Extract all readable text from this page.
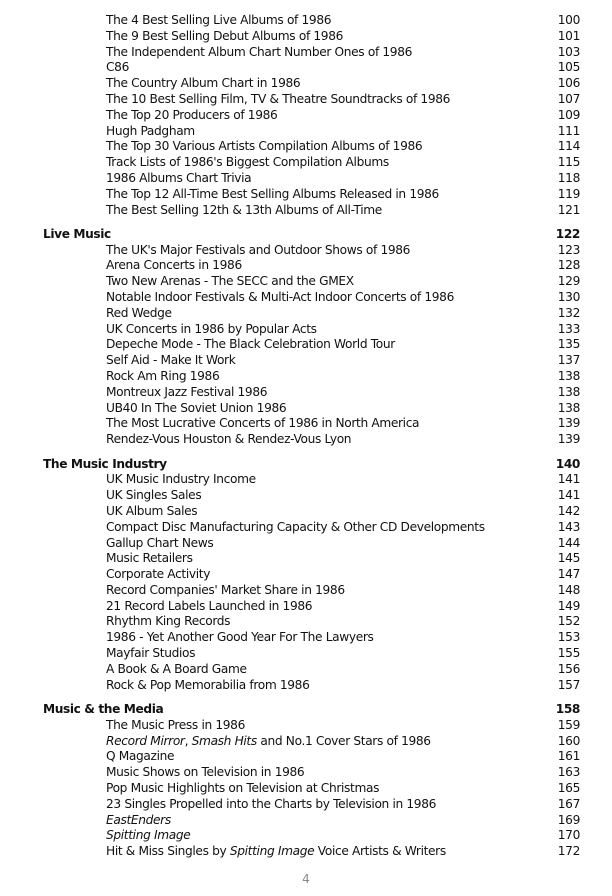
The 4 Best Selling Live Albums of 1986	100
The 9 Best Selling Debut Albums of 1986	101
The Independent Album Chart Number Ones of 1986	103
C86	105
The Country Album Chart in 1986	106
The 10 Best Selling Film, TV & Theatre Soundtracks of 1986	107
The Top 20 Producers of 1986	109
Hugh Padgham	111
The Top 30 Various Artists Compilation Albums of 1986	114
Track Lists of 1986's Biggest Compilation Albums	115
1986 Albums Chart Trivia	118
The Top 12 All-Time Best Selling Albums Released in 1986	119
The Best Selling 12th & 13th Albums of All-Time	121
Live Music	122
The UK's Major Festivals and Outdoor Shows of 1986	123
Arena Concerts in 1986	128
Two New Arenas - The SECC and the GMEX	129
Notable Indoor Festivals & Multi-Act Indoor Concerts of 1986	130
Red Wedge	132
UK Concerts in 1986 by Popular Acts	133
Depeche Mode - The Black Celebration World Tour	135
Self Aid - Make It Work	137
Rock Am Ring 1986	138
Montreux Jazz Festival 1986	138
UB40 In The Soviet Union 1986	138
The Most Lucrative Concerts of 1986 in North America	139
Rendez-Vous Houston & Rendez-Vous Lyon	139
The Music Industry	140
UK Music Industry Income	141
UK Singles Sales	141
UK Album Sales	142
Compact Disc Manufacturing Capacity & Other CD Developments	143
Gallup Chart News	144
Music Retailers	145
Corporate Activity	147
Record Companies' Market Share in 1986	148
21 Record Labels Launched in 1986	149
Rhythm King Records	152
1986 - Yet Another Good Year For The Lawyers	153
Mayfair Studios	155
A Book & A Board Game	156
Rock & Pop Memorabilia from 1986	157
Music & the Media	158
The Music Press in 1986	159
Record Mirror, Smash Hits and No.1 Cover Stars of 1986	160
Q Magazine	161
Music Shows on Television in 1986	163
Pop Music Highlights on Television at Christmas	165
23 Singles Propelled into the Charts by Television in 1986	167
EastEnders	169
Spitting Image	170
Hit & Miss Singles by Spitting Image Voice Artists & Writers	172
4
